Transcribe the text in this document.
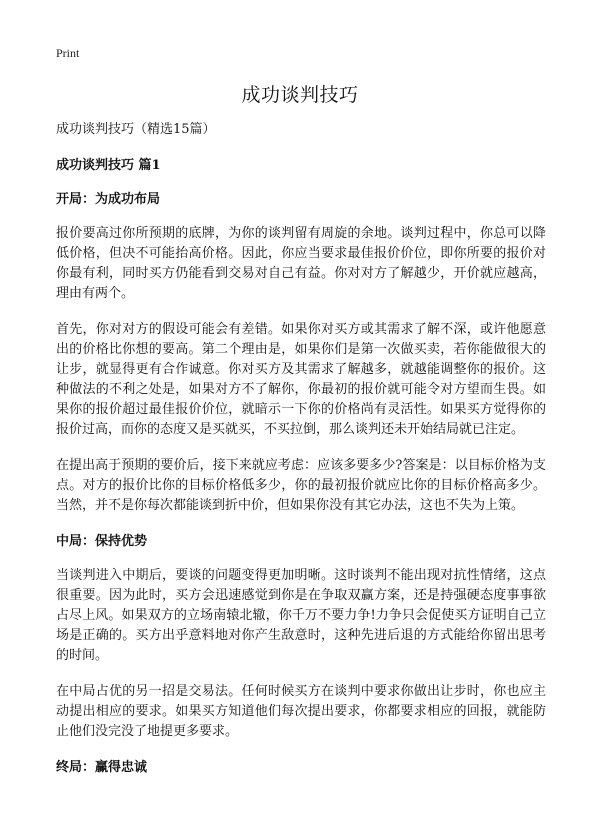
Print
成功谈判技巧

成功谈判技巧（精选15篇）

成功谈判技巧 篇1

开局：为成功布局

报价要高过你所预期的底牌，为你的谈判留有周旋的余地。谈判过程中，你总可以降低价格，但决不可能抬高价格。因此，你应当要求最佳报价价位，即你所要的报价对你最有利，同时买方仍能看到交易对自己有益。你对对方了解越少，开价就应越高，理由有两个。

首先，你对对方的假设可能会有差错。如果你对买方或其需求了解不深，或许他愿意出的价格比你想的要高。第二个理由是，如果你们是第一次做买卖，若你能做很大的让步，就显得更有合作诚意。你对买方及其需求了解越多，就越能调整你的报价。这种做法的不利之处是，如果对方不了解你，你最初的报价就可能令对方望而生畏。如果你的报价超过最佳报价价位，就暗示一下你的价格尚有灵活性。如果买方觉得你的报价过高，而你的态度又是买就买，不买拉倒，那么谈判还未开始结局就已注定。

在提出高于预期的要价后，接下来就应考虑：应该多要多少?答案是：以目标价格为支点。对方的报价比你的目标价格低多少，你的最初报价就应比你的目标价格高多少。当然，并不是你每次都能谈到折中价，但如果你没有其它办法，这也不失为上策。

中局：保持优势

当谈判进入中期后，要谈的问题变得更加明晰。这时谈判不能出现对抗性情绪，这点很重要。因为此时，买方会迅速感觉到你是在争取双赢方案，还是持强硬态度事事欲占尽上风。如果双方的立场南辕北辙，你千万不要力争!力争只会促使买方证明自己立场是正确的。买方出乎意料地对你产生敌意时，这种先进后退的方式能给你留出思考的时间。

在中局占优的另一招是交易法。任何时候买方在谈判中要求你做出让步时，你也应主动提出相应的要求。如果买方知道他们每次提出要求，你都要求相应的回报，就能防止他们没完没了地提更多要求。

终局：赢得忠诚
